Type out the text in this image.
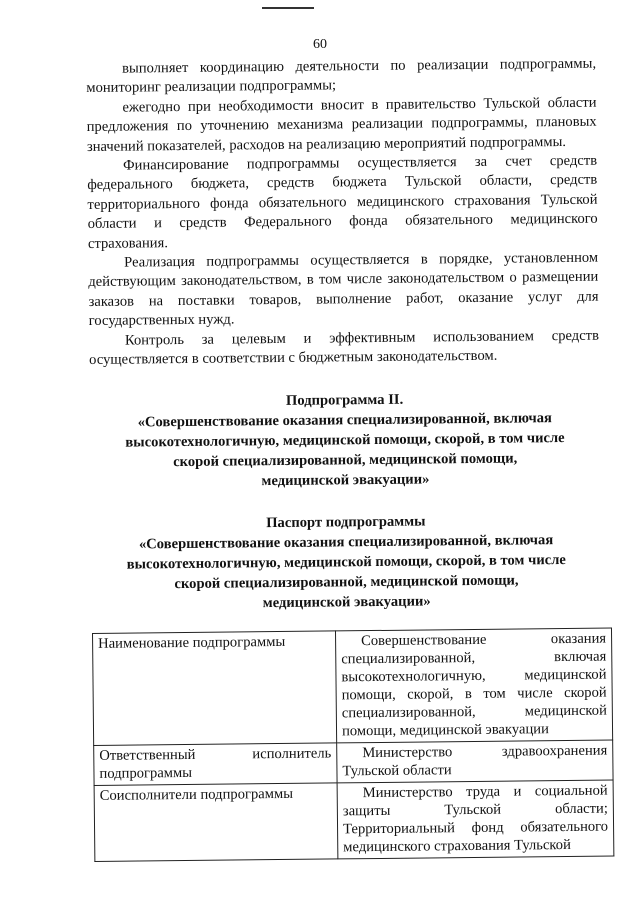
60

выполняет координацию деятельности по реализации подпрограммы, мониторинг реализации подпрограммы;

ежегодно при необходимости вносит в правительство Тульской области предложения по уточнению механизма реализации подпрограммы, плановых значений показателей, расходов на реализацию мероприятий подпрограммы.

Финансирование подпрограммы осуществляется за счет средств федерального бюджета, средств бюджета Тульской области, средств территориального фонда обязательного медицинского страхования Тульской области и средств Федерального фонда обязательного медицинского страхования.

Реализация подпрограммы осуществляется в порядке, установленном действующим законодательством, в том числе законодательством о размещении заказов на поставки товаров, выполнение работ, оказание услуг для государственных нужд.

Контроль за целевым и эффективным использованием средств осуществляется в соответствии с бюджетным законодательством.

Подпрограмма II.
«Совершенствование оказания специализированной, включая
высокотехнологичную, медицинской помощи, скорой, в том числе
скорой специализированной, медицинской помощи,
медицинской эвакуации»
Паспорт подпрограммы
«Совершенствование оказания специализированной, включая
высокотехнологичную, медицинской помощи, скорой, в том числе
скорой специализированной, медицинской помощи,
медицинской эвакуации»
Наименование подпрограммы	Совершенствование оказания специализированной, включая высокотехнологичную, медицинской помощи, скорой, в том числе скорой специализированной, медицинской помощи, медицинской эвакуации
Ответственный исполнитель подпрограммы	Министерство здравоохранения Тульской области
Соисполнители подпрограммы	Министерство труда и социальной защиты Тульской области; Территориальный фонд обязательного медицинского страхования Тульской
